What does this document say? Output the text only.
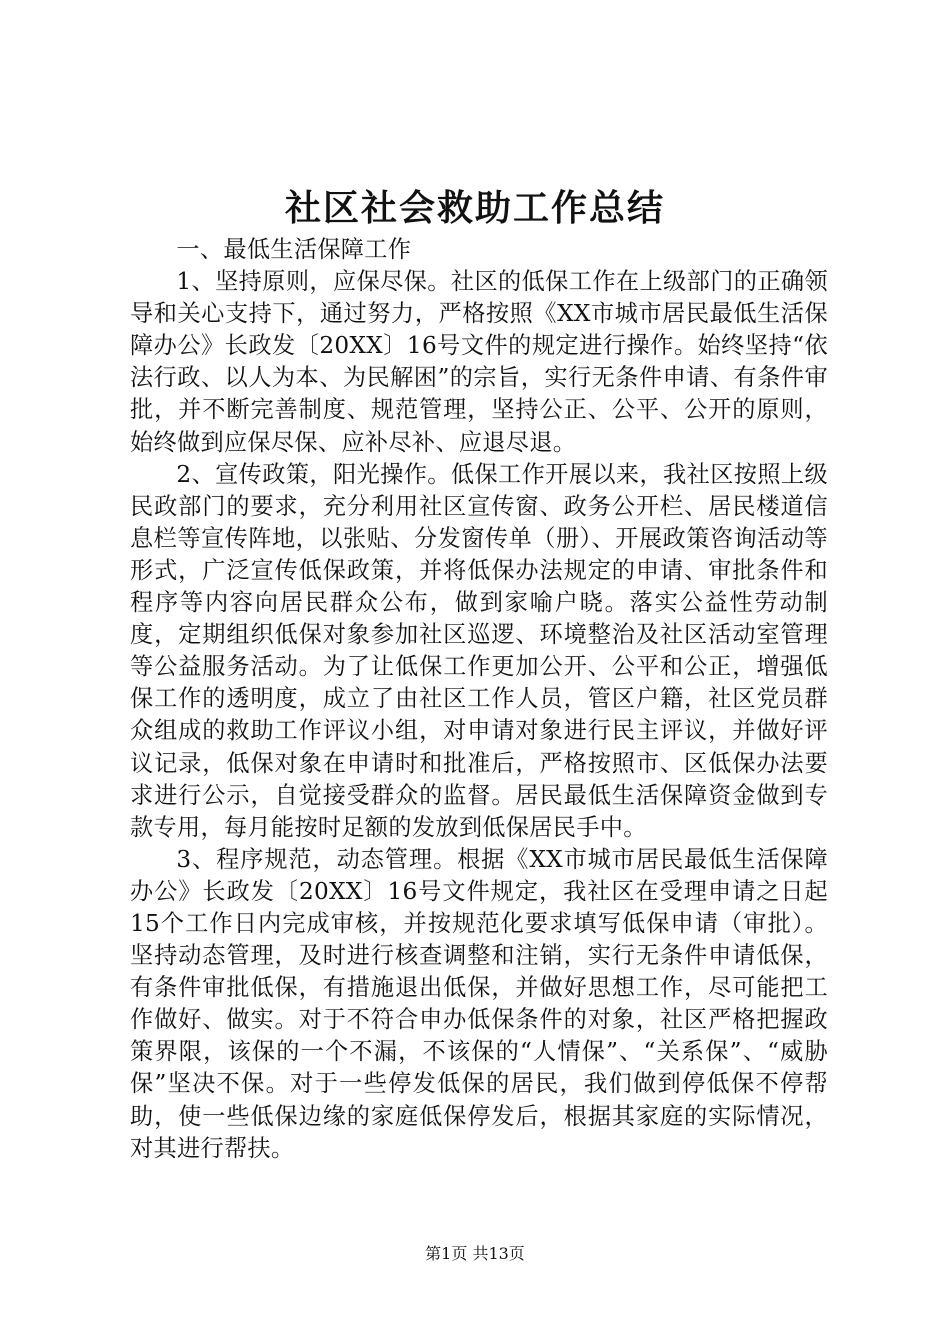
社区社会救助工作总结

一、最低生活保障工作

1、坚持原则，应保尽保。社区的低保工作在上级部门的正确领导和关心支持下，通过努力，严格按照《XX市城市居民最低生活保障办公》长政发〔20XX〕16号文件的规定进行操作。始终坚持“依法行政、以人为本、为民解困”的宗旨，实行无条件申请、有条件审批，并不断完善制度、规范管理，坚持公正、公平、公开的原则，始终做到应保尽保、应补尽补、应退尽退。

2、宣传政策，阳光操作。低保工作开展以来，我社区按照上级民政部门的要求，充分利用社区宣传窗、政务公开栏、居民楼道信息栏等宣传阵地，以张贴、分发窗传单（册）、开展政策咨询活动等形式，广泛宣传低保政策，并将低保办法规定的申请、审批条件和程序等内容向居民群众公布，做到家喻户晓。落实公益性劳动制度，定期组织低保对象参加社区巡逻、环境整治及社区活动室管理等公益服务活动。为了让低保工作更加公开、公平和公正，增强低保工作的透明度，成立了由社区工作人员，管区户籍，社区党员群众组成的救助工作评议小组，对申请对象进行民主评议，并做好评议记录，低保对象在申请时和批准后，严格按照市、区低保办法要求进行公示，自觉接受群众的监督。居民最低生活保障资金做到专款专用，每月能按时足额的发放到低保居民手中。

3、程序规范，动态管理。根据《XX市城市居民最低生活保障办公》长政发〔20XX〕16号文件规定，我社区在受理申请之日起15个工作日内完成审核，并按规范化要求填写低保申请（审批）。坚持动态管理，及时进行核查调整和注销，实行无条件申请低保，有条件审批低保，有措施退出低保，并做好思想工作，尽可能把工作做好、做实。对于不符合申办低保条件的对象，社区严格把握政策界限，该保的一个不漏，不该保的“人情保”、“关系保”、“威胁保”坚决不保。对于一些停发低保的居民，我们做到停低保不停帮助，使一些低保边缘的家庭低保停发后，根据其家庭的实际情况，对其进行帮扶。

第1页 共13页
